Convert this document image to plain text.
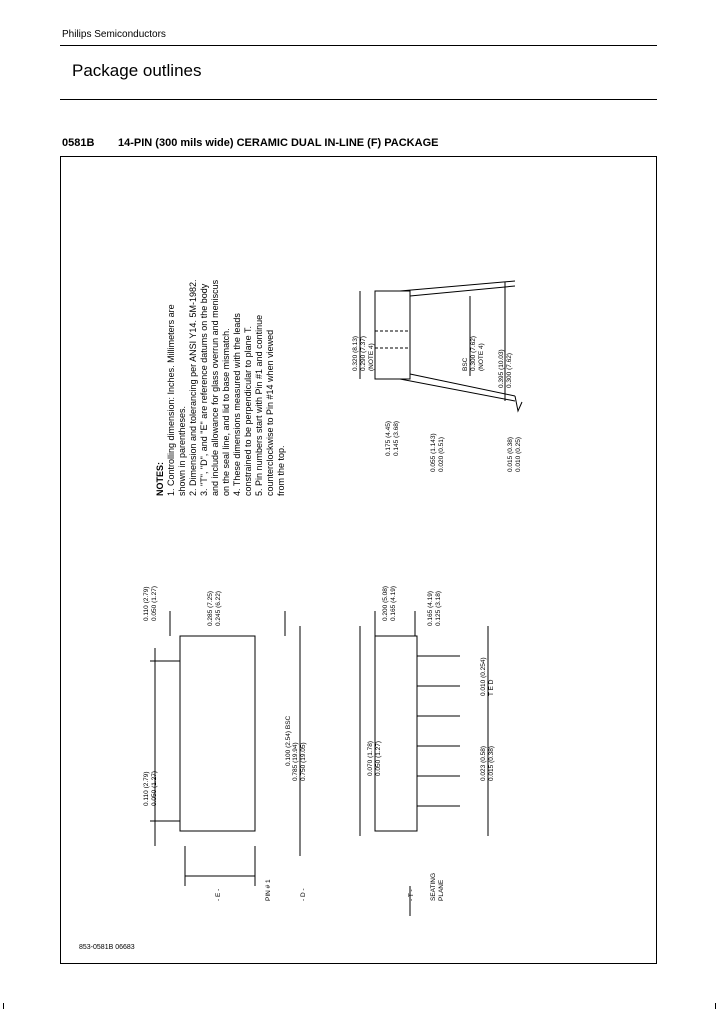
Philips Semiconductors
Package outlines
0581B 14-PIN (300 mils wide) CERAMIC DUAL IN-LINE (F) PACKAGE
NOTES: 1. Controlling dimension: Inches. Millimeters are shown in parentheses. 2. Dimension and tolerancing per ANSI Y14. 5M-1982. 3. "T", "D", and "E" are reference datums on the body and include allowance for glass overrun and meniscus on the seal line, and lid to base mismatch. 4. These dimensions measured with the leads constrained to be perpendicular to plane T. 5. Pin numbers start with Pin #1 and continue counterclockwise to Pin #14 when viewed from the top.
0.320 (8.13) 0.290 (7.37) (NOTE 4)
0.175 (4.45) 0.145 (3.68)	0.055 (1.143) 0.020 (0.51)
BSC 0.300 (7.62) (NOTE 4) 0.395 (10.03) 0.300 (7.62)
0.015 (0.38) 0.010 (0.25)
0.110 (2.79) 0.050 (1.27)	0.285 (7.25) 0.245 (6.22)
0.100 (2.54) BSC 0.785 (19.94) 0.750 (19.05)
0.110 (2.79) 0.050 (1.27)
0.200 (5.08) 0.165 (4.19)	0.165 (4.19) 0.125 (3.18)
0.010 (0.254) T E D
0.070 (1.78) 0.050 (1.27)	0.023 (0.58) 0.015 (0.38)
- E -	PIN # 1	- D -	- T - SEATING PLANE
853-0581B 06683
